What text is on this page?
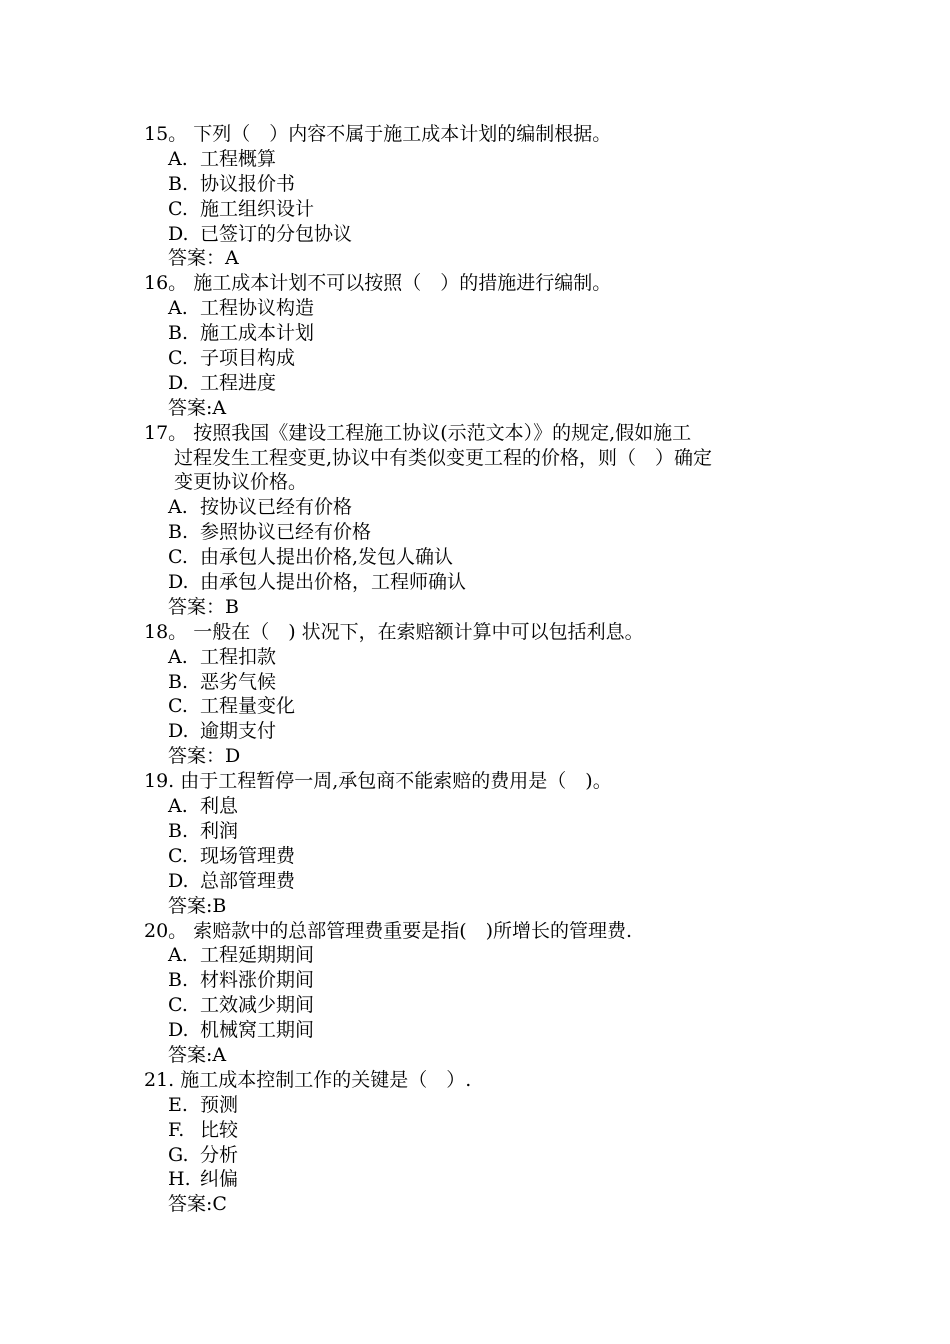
15。 下列（　）内容不属于施工成本计划的编制根据。
A. 工程概算
B. 协议报价书
C. 施工组织设计
D. 已签订的分包协议
答案：A
16。 施工成本计划不可以按照（　）的措施进行编制。
A. 工程协议构造
B. 施工成本计划
C. 子项目构成
D. 工程进度
答案:A
17。 按照我国《建设工程施工协议(示范文本）》的规定,假如施工
过程发生工程变更,协议中有类似变更工程的价格，则（　）确定
变更协议价格。
A. 按协议已经有价格
B. 参照协议已经有价格
C. 由承包人提出价格,发包人确认
D. 由承包人提出价格，工程师确认
答案：B
18。 一般在（　) 状况下，在索赔额计算中可以包括利息。
A. 工程扣款
B. 恶劣气候
C. 工程量变化
D. 逾期支付
答案：D
19. 由于工程暂停一周,承包商不能索赔的费用是（　)。
A. 利息
B. 利润
C. 现场管理费
D. 总部管理费
答案:B
20。 索赔款中的总部管理费重要是指(　)所增长的管理费.
A. 工程延期期间
B. 材料涨价期间
C. 工效减少期间
D. 机械窝工期间
答案:A
21. 施工成本控制工作的关键是（　）.
E. 预测
F. 比较
G. 分析
H. 纠偏
答案:C
